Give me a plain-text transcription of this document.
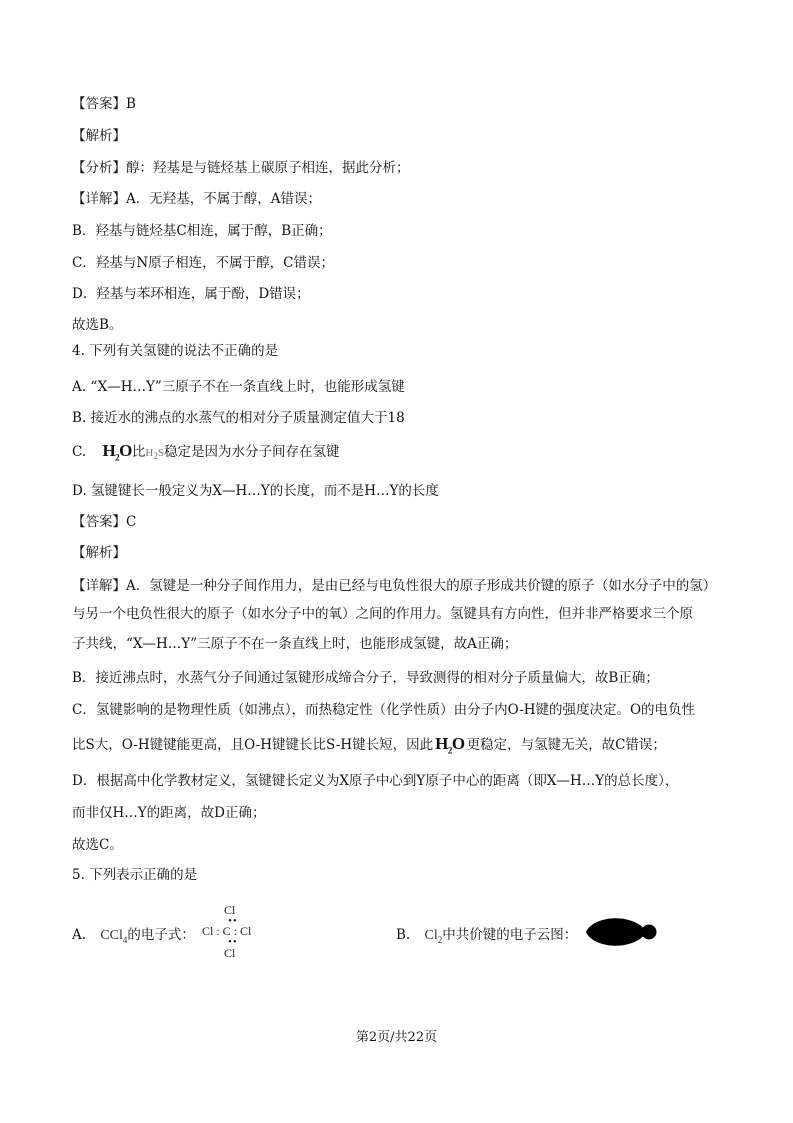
【答案】B
【解析】
【分析】醇：羟基是与链烃基上碳原子相连，据此分析；
【详解】A．无羟基，不属于醇，A错误；
B．羟基与链烃基C相连，属于醇，B正确；
C．羟基与N原子相连，不属于醇，C错误；
D．羟基与苯环相连，属于酚，D错误；
故选B。
4. 下列有关氢键的说法不正确的是
A. “X—H…Y”三原子不在一条直线上时，也能形成氢键
B. 接近水的沸点的水蒸气的相对分子质量测定值大于18
C. $H_2O$比$H_2S$稳定是因为水分子间存在氢键
D. 氢键键长一般定义为X—H…Y的长度，而不是H…Y的长度
【答案】C
【解析】
【详解】A．氢键是一种分子间作用力，是由已经与电负性很大的原子形成共价键的原子（如水分子中的氢）
与另一个电负性很大的原子（如水分子中的氧）之间的作用力。氢键具有方向性，但并非严格要求三个原
子共线，“X—H…Y”三原子不在一条直线上时，也能形成氢键，故A正确；
B．接近沸点时，水蒸气分子间通过氢键形成缔合分子，导致测得的相对分子质量偏大，故B正确；
C．氢键影响的是物理性质（如沸点），而热稳定性（化学性质）由分子内O-H键的强度决定。O的电负性
比S大，O-H键键能更高，且O-H键键长比S-H键长短，因此 $H_2O$ 更稳定，与氢键无关，故C错误；
D．根据高中化学教材定义，氢键键长定义为X原子中心到Y原子中心的距离（即X—H…Y的总长度），
而非仅H…Y的距离，故D正确；
故选C。
5. 下列表示正确的是
A. CCl$_4$的电子式：
Cl
••
Cl : C : Cl
••
Cl
B. $Cl_2$中共价键的电子云图：
第2页/共22页
